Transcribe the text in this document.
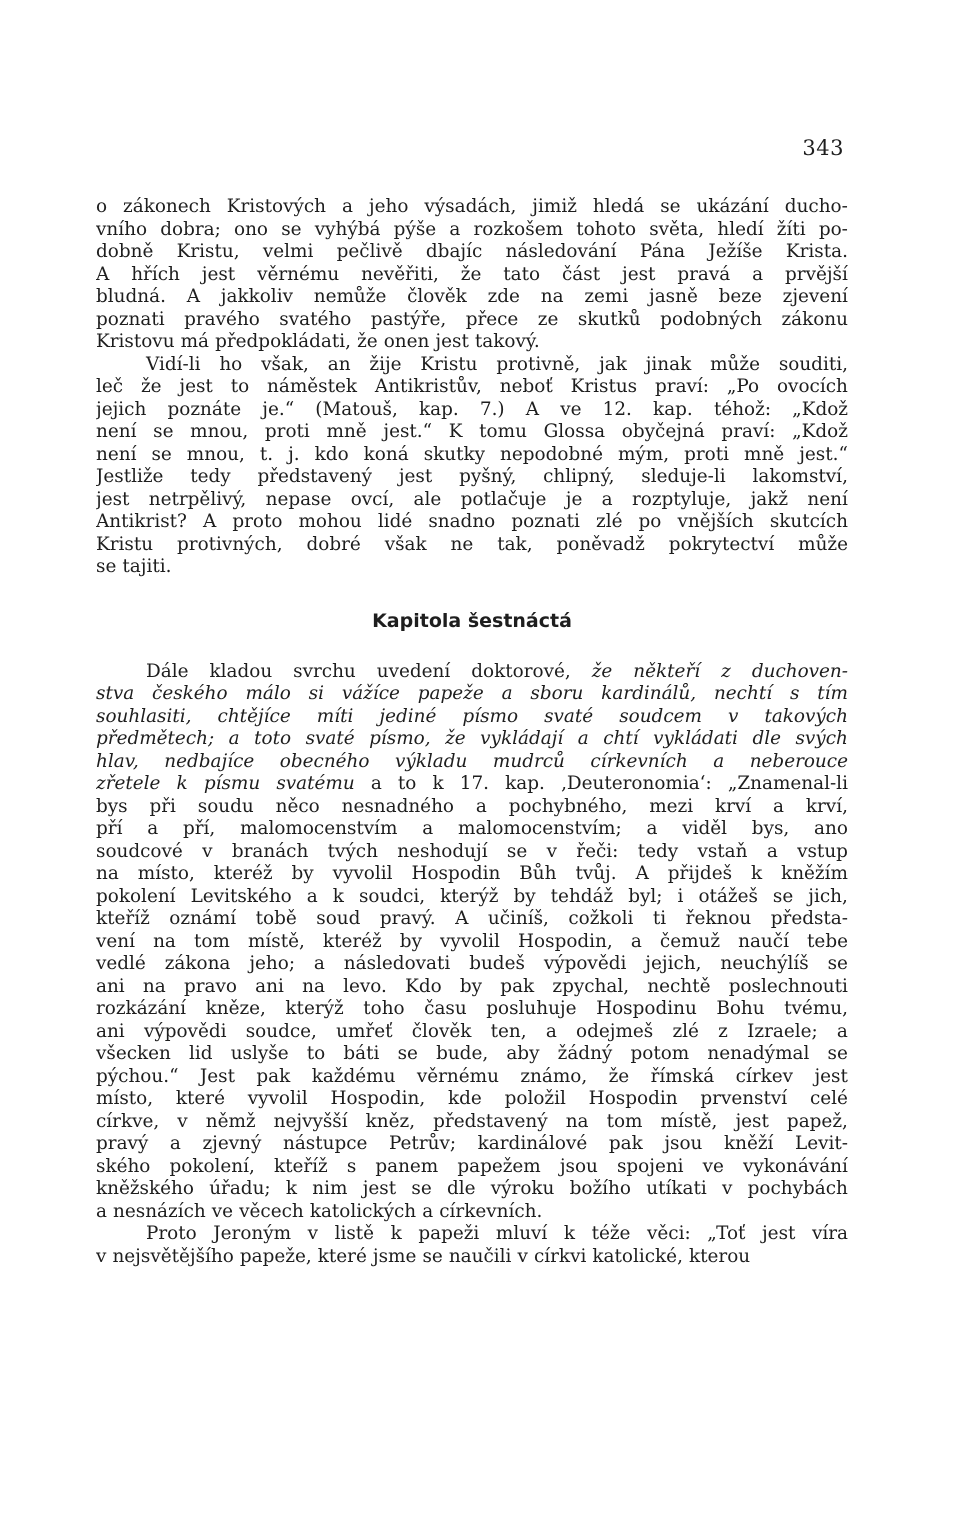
343
o zákonech Kristových a jeho výsadách, jimiž hledá se ukázání ducho-
vního dobra; ono se vyhýbá pýše a rozkošem tohoto světa, hledí žíti po-
dobně Kristu, velmi pečlivě dbajíc následování Pána Ježíše Krista.
A hřích jest věrnému nevěřiti, že tato část jest pravá a prvější
bludná. A jakkoliv nemůže člověk zde na zemi jasně beze zjevení
poznati pravého svatého pastýře, přece ze skutků podobných zákonu
Kristovu má předpokládati, že onen jest takový.
Vidí-li ho však, an žije Kristu protivně, jak jinak může souditi,
leč že jest to náměstek Antikristův, neboť Kristus praví: „Po ovocích
jejich poznáte je.“ (Matouš, kap. 7.) A ve 12. kap. téhož: „Kdož
není se mnou, proti mně jest.“ K tomu Glossa obyčejná praví: „Kdož
není se mnou, t. j. kdo koná skutky nepodobné mým, proti mně jest.“
Jestliže tedy představený jest pyšný, chlipný, sleduje-li lakomství,
jest netrpělivý, nepase ovcí, ale potlačuje je a rozptyluje, jakž není
Antikrist? A proto mohou lidé snadno poznati zlé po vnějších skutcích
Kristu protivných, dobré však ne tak, poněvadž pokrytectví může
se tajiti.
Kapitola šestnáctá
Dále kladou svrchu uvedení doktorové, že někteří z duchoven-
stva českého málo si vážíce papeže a sboru kardinálů, nechtí s tím
souhlasiti, chtějíce míti jediné písmo svaté soudcem v takových
předmětech; a toto svaté písmo, že vykládají a chtí vykládati dle svých
hlav, nedbajíce obecného výkladu mudrců církevních a neberouce
zřetele k písmu svatému a to k 17. kap. ‚Deuteronomia‘: „Znamenal-li
bys při soudu něco nesnadného a pochybného, mezi krví a krví,
pří a pří, malomocenstvím a malomocenstvím; a viděl bys, ano
soudcové v branách tvých neshodují se v řeči: tedy vstaň a vstup
na místo, kteréž by vyvolil Hospodin Bůh tvůj. A přijdeš k kněžím
pokolení Levitského a k soudci, kterýž by tehdáž byl; i otážeš se jich,
kteříž oznámí tobě soud pravý. A učiníš, cožkoli ti řeknou předsta-
vení na tom místě, kteréž by vyvolil Hospodin, a čemuž naučí tebe
vedlé zákona jeho; a následovati budeš výpovědi jejich, neuchýlíš se
ani na pravo ani na levo. Kdo by pak zpychal, nechtě poslechnouti
rozkázání kněze, kterýž toho času posluhuje Hospodinu Bohu tvému,
ani výpovědi soudce, umřeť člověk ten, a odejmeš zlé z Izraele; a
všecken lid uslyše to báti se bude, aby žádný potom nenadýmal se
pýchou.“ Jest pak každému věrnému známo, že římská církev jest
místo, které vyvolil Hospodin, kde položil Hospodin prvenství celé
církve, v němž nejvyšší kněz, představený na tom místě, jest papež,
pravý a zjevný nástupce Petrův; kardinálové pak jsou kněží Levit-
ského pokolení, kteříž s panem papežem jsou spojeni ve vykonávání
kněžského úřadu; k nim jest se dle výroku božího utíkati v pochybách
a nesnázích ve věcech katolických a církevních.
Proto Jeroným v listě k papeži mluví k téže věci: „Toť jest víra
v nejsvětějšího papeže, které jsme se naučili v církvi katolické, kterou
